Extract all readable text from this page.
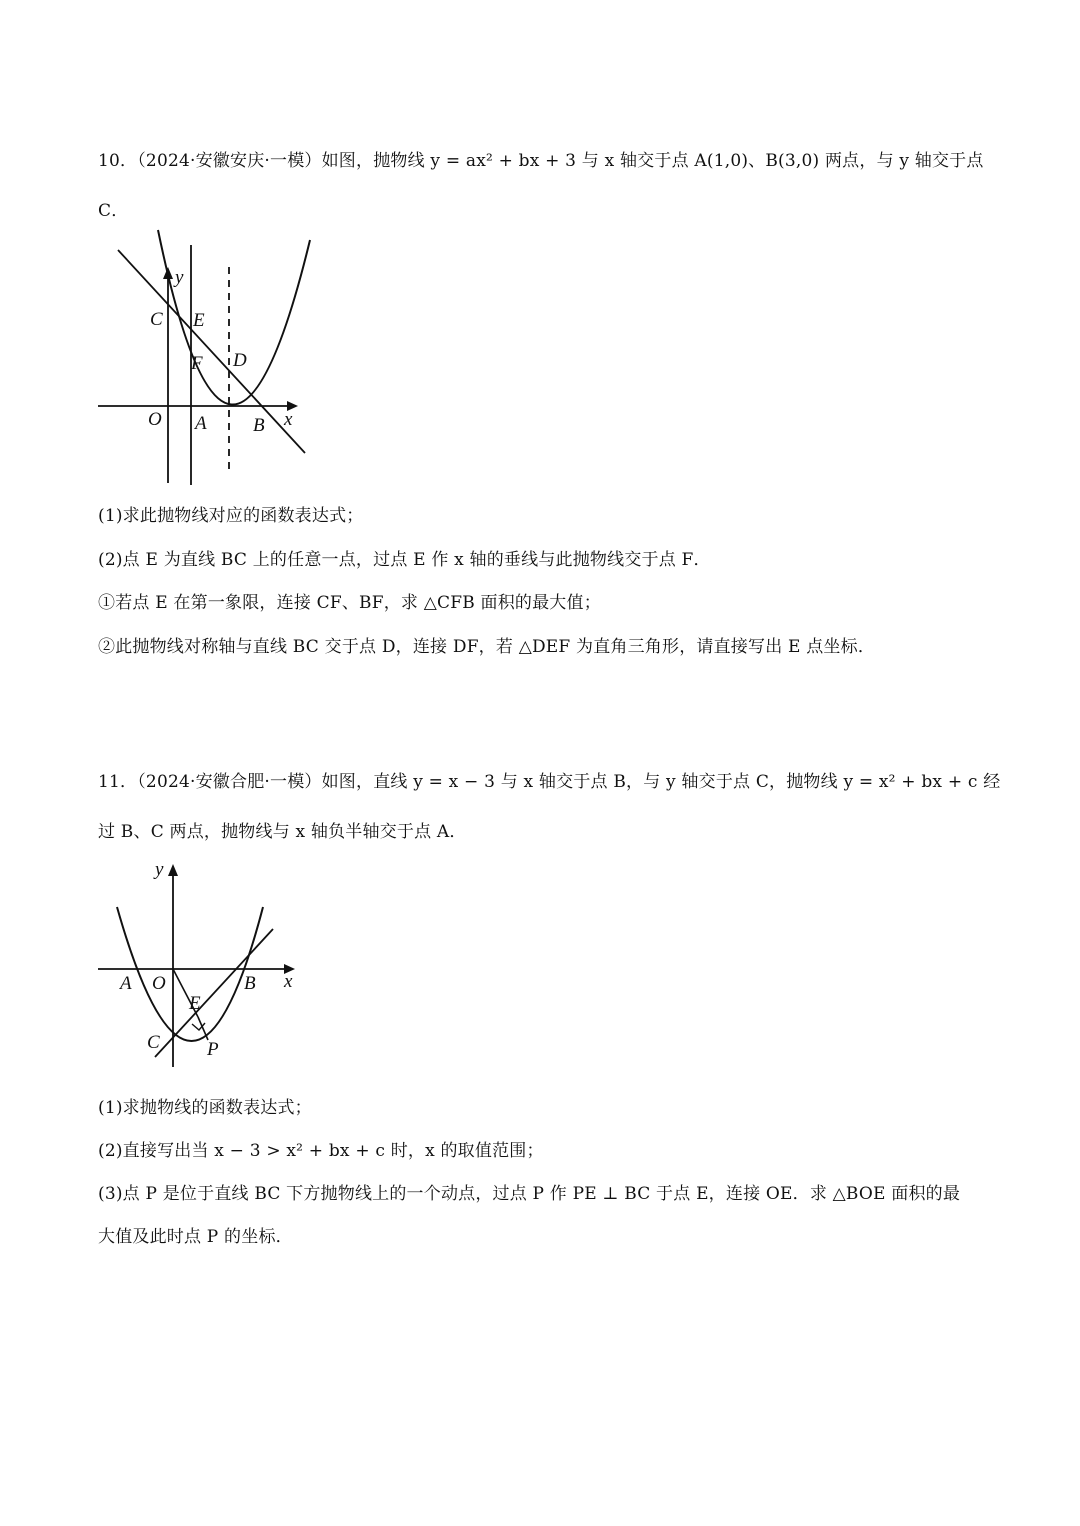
10．（2024·安徽安庆·一模）如图，抛物线 y = ax² + bx + 3 与 x 轴交于点 A(1,0)、B(3,0) 两点，与 y 轴交于点
C．
y
C E
F D
O A B x
(1)求此抛物线对应的函数表达式；
(2)点 E 为直线 BC 上的任意一点，过点 E 作 x 轴的垂线与此抛物线交于点 F．
①若点 E 在第一象限，连接 CF、BF，求 △CFB 面积的最大值；
②此抛物线对称轴与直线 BC 交于点 D，连接 DF，若 △DEF 为直角三角形，请直接写出 E 点坐标．
11．（2024·安徽合肥·一模）如图，直线 y = x − 3 与 x 轴交于点 B，与 y 轴交于点 C，抛物线 y = x² + bx + c 经
过 B、C 两点，抛物线与 x 轴负半轴交于点 A．
y
A O	B x
E
C P
(1)求抛物线的函数表达式；
(2)直接写出当 x − 3 > x² + bx + c 时，x 的取值范围；
(3)点 P 是位于直线 BC 下方抛物线上的一个动点，过点 P 作 PE ⊥ BC 于点 E，连接 OE．求 △BOE 面积的最
大值及此时点 P 的坐标．
